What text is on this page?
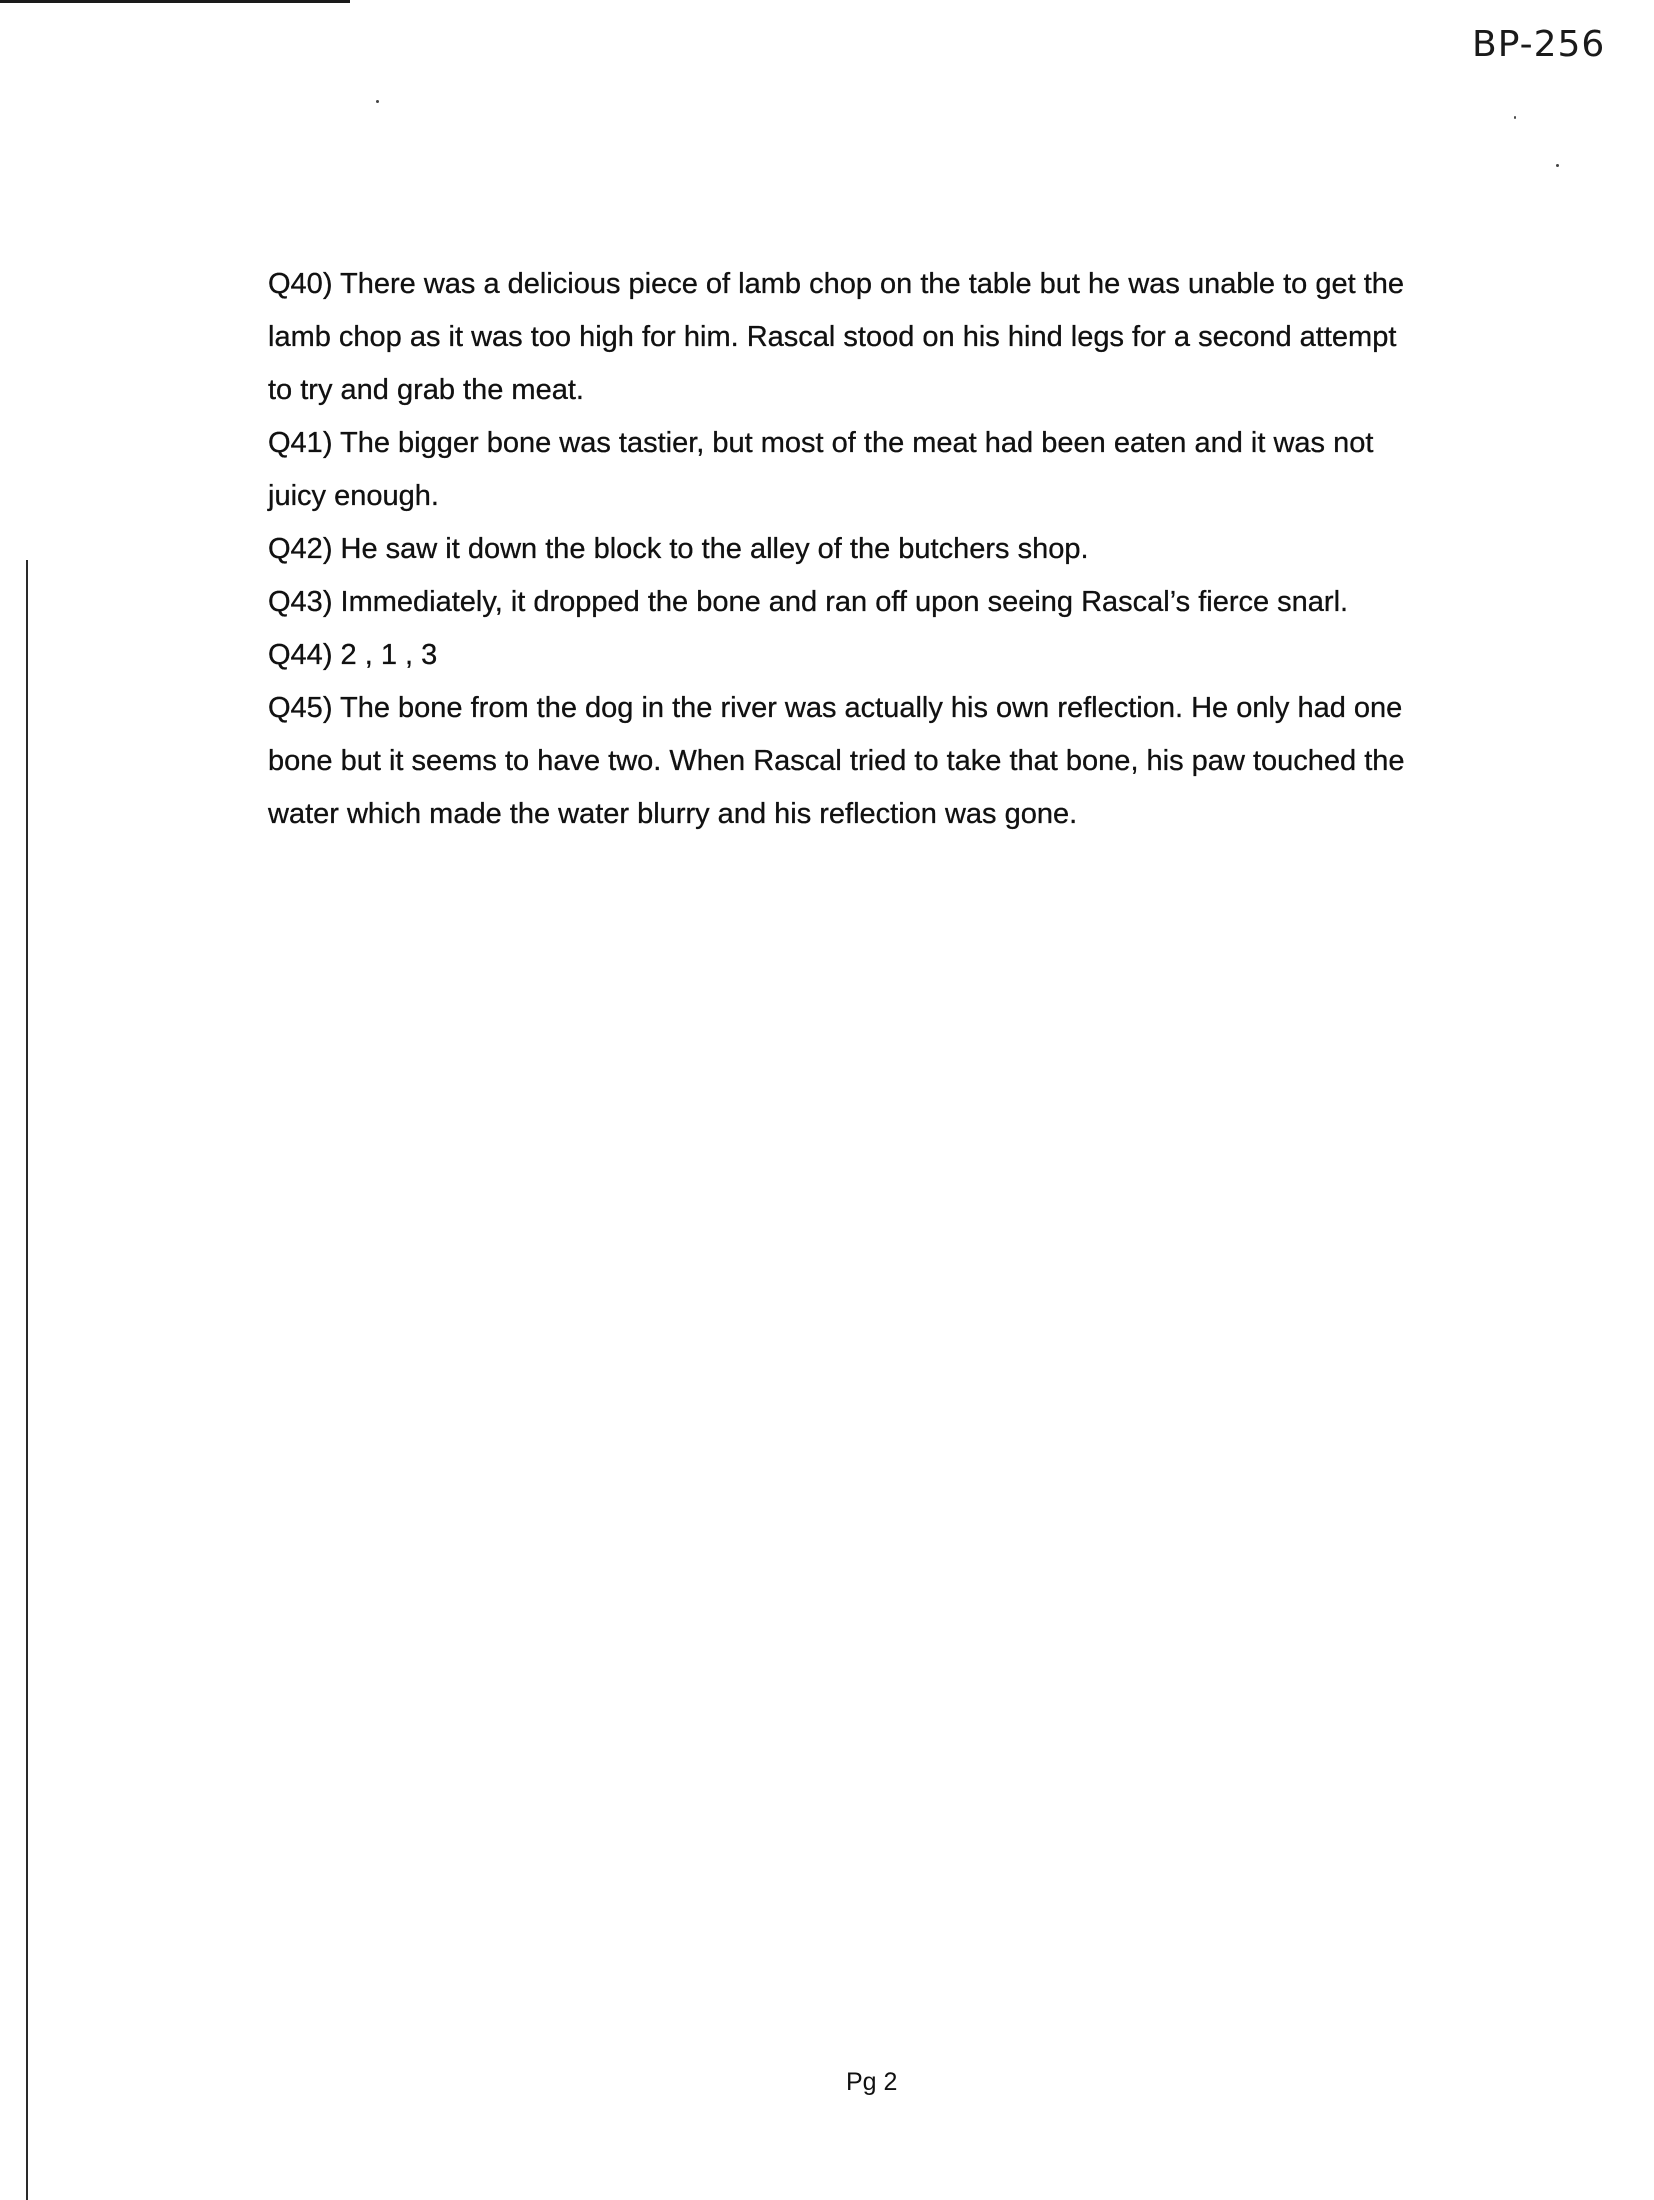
BP-256

Q40) There was a delicious piece of lamb chop on the table but he was unable to get the lamb chop as it was too high for him. Rascal stood on his hind legs for a second attempt to try and grab the meat.

Q41) The bigger bone was tastier, but most of the meat had been eaten and it was not juicy enough.

Q42) He saw it down the block to the alley of the butchers shop.

Q43) Immediately, it dropped the bone and ran off upon seeing Rascal’s fierce snarl.

Q44) 2 , 1 , 3

Q45) The bone from the dog in the river was actually his own reflection. He only had one bone but it seems to have two. When Rascal tried to take that bone, his paw touched the water which made the water blurry and his reflection was gone.

Pg 2
